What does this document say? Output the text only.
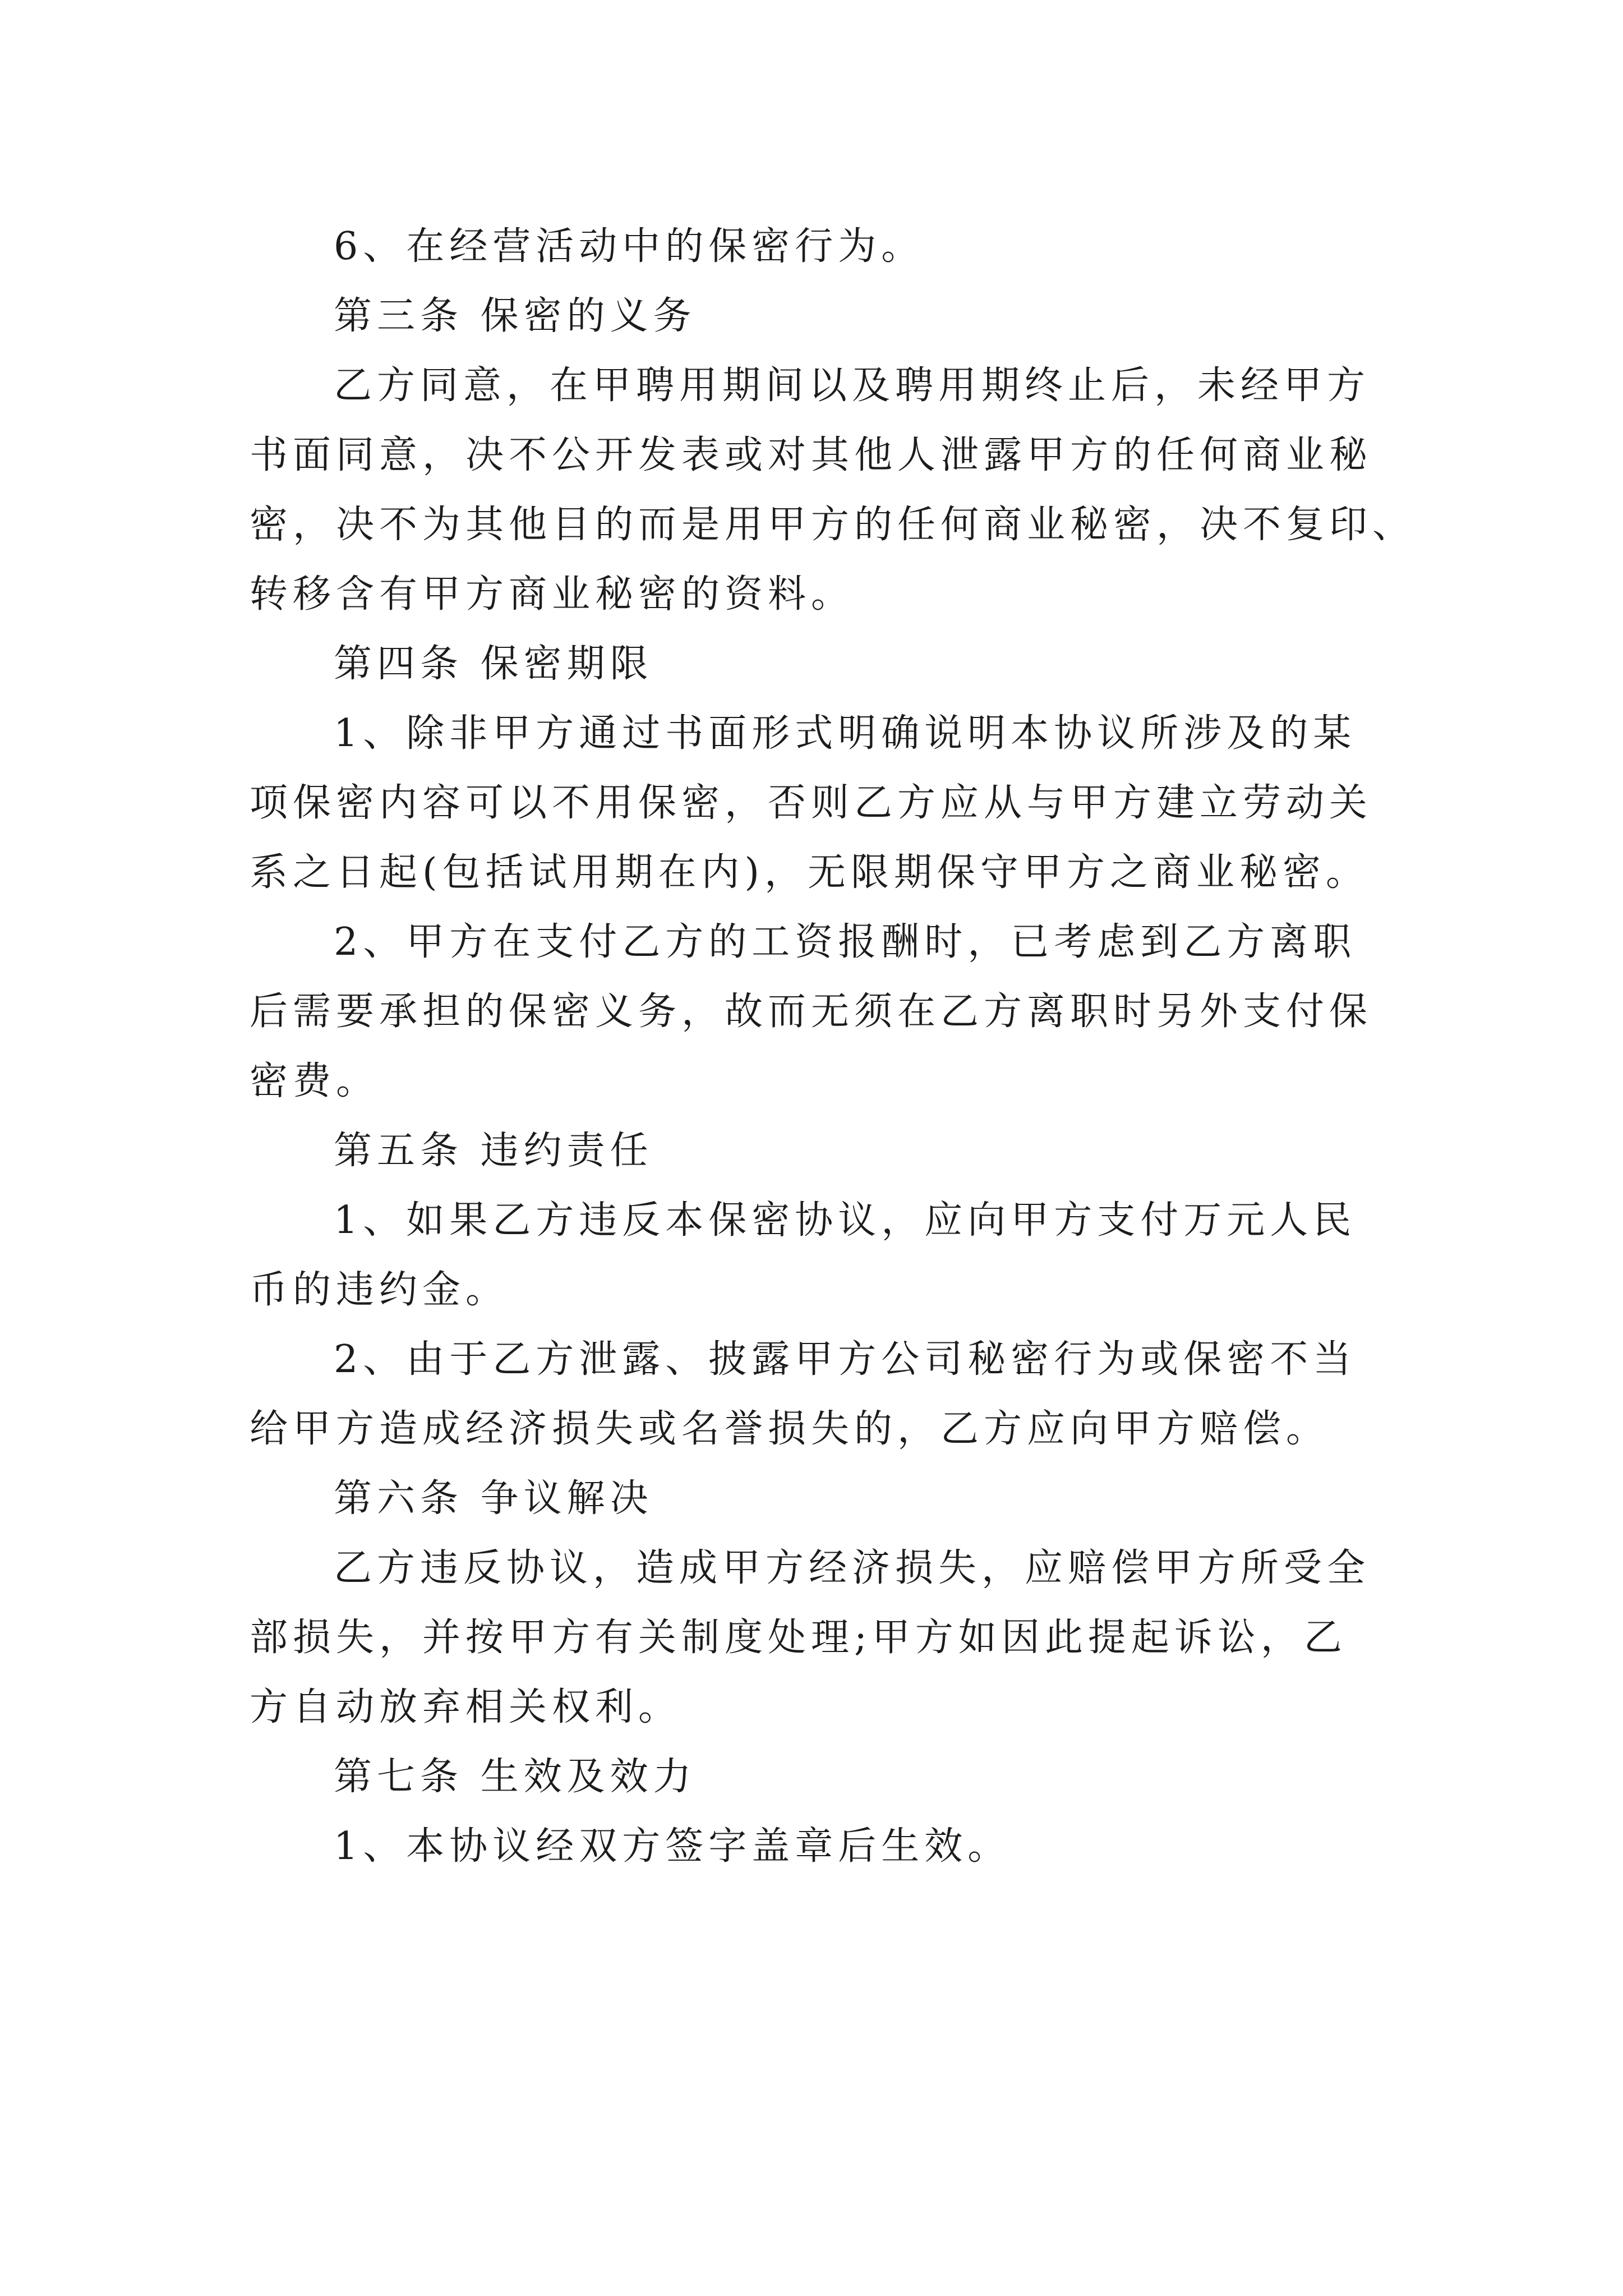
6、在经营活动中的保密行为。
第三条 保密的义务
乙方同意，在甲聘用期间以及聘用期终止后，未经甲方
书面同意，决不公开发表或对其他人泄露甲方的任何商业秘
密，决不为其他目的而是用甲方的任何商业秘密，决不复印、
转移含有甲方商业秘密的资料。
第四条 保密期限
1、除非甲方通过书面形式明确说明本协议所涉及的某
项保密内容可以不用保密，否则乙方应从与甲方建立劳动关
系之日起(包括试用期在内)，无限期保守甲方之商业秘密。
2、甲方在支付乙方的工资报酬时，已考虑到乙方离职
后需要承担的保密义务，故而无须在乙方离职时另外支付保
密费。
第五条 违约责任
1、如果乙方违反本保密协议，应向甲方支付万元人民
币的违约金。
2、由于乙方泄露、披露甲方公司秘密行为或保密不当
给甲方造成经济损失或名誉损失的，乙方应向甲方赔偿。
第六条 争议解决
乙方违反协议，造成甲方经济损失，应赔偿甲方所受全
部损失，并按甲方有关制度处理;甲方如因此提起诉讼，乙
方自动放弃相关权利。
第七条 生效及效力
1、本协议经双方签字盖章后生效。
